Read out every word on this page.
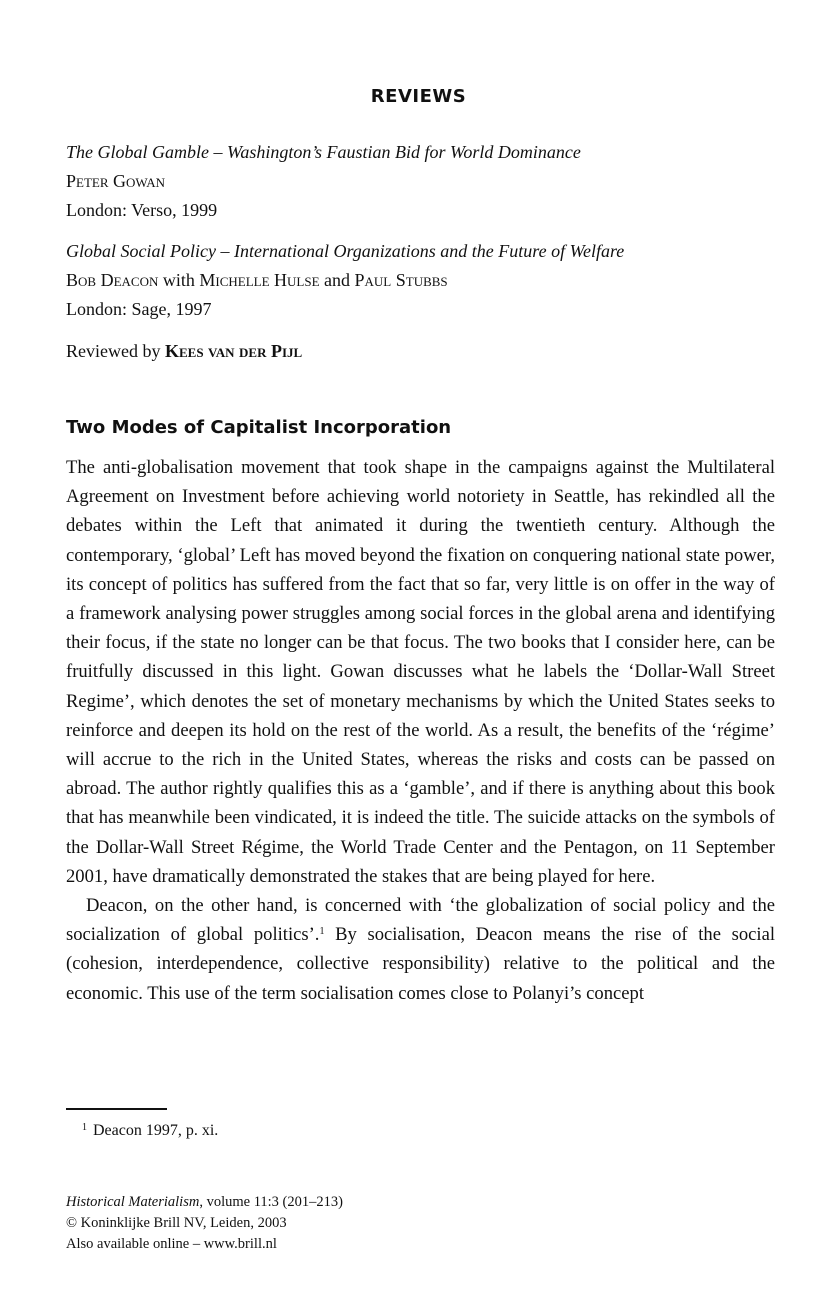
REVIEWS

The Global Gamble – Washington’s Faustian Bid for World Dominance

Peter Gowan

London: Verso, 1999

Global Social Policy – International Organizations and the Future of Welfare

Bob Deacon with Michelle Hulse and Paul Stubbs

London: Sage, 1997

Reviewed by Kees van der Pijl

Two Modes of Capitalist Incorporation

The anti-globalisation movement that took shape in the campaigns against the Multilateral Agreement on Investment before achieving world notoriety in Seattle, has rekindled all the debates within the Left that animated it during the twentieth century. Although the contemporary, ‘global’ Left has moved beyond the fixation on conquering national state power, its concept of politics has suffered from the fact that so far, very little is on offer in the way of a framework analysing power struggles among social forces in the global arena and identifying their focus, if the state no longer can be that focus. The two books that I consider here, can be fruitfully discussed in this light. Gowan discusses what he labels the ‘Dollar-Wall Street Regime’, which denotes the set of monetary mechanisms by which the United States seeks to reinforce and deepen its hold on the rest of the world. As a result, the benefits of the ‘régime’ will accrue to the rich in the United States, whereas the risks and costs can be passed on abroad. The author rightly qualifies this as a ‘gamble’, and if there is anything about this book that has meanwhile been vindicated, it is indeed the title. The suicide attacks on the symbols of the Dollar-Wall Street Régime, the World Trade Center and the Pentagon, on 11 September 2001, have dramatically demonstrated the stakes that are being played for here.

Deacon, on the other hand, is concerned with ‘the globalization of social policy and the socialization of global politics’.$^1$ By socialisation, Deacon means the rise of the social (cohesion, interdependence, collective responsibility) relative to the political and the economic. This use of the term socialisation comes close to Polanyi’s concept

$^1$ Deacon 1997, p. xi.

Historical Materialism, volume 11:3 (201–213)

© Koninklijke Brill NV, Leiden, 2003

Also available online – www.brill.nl
